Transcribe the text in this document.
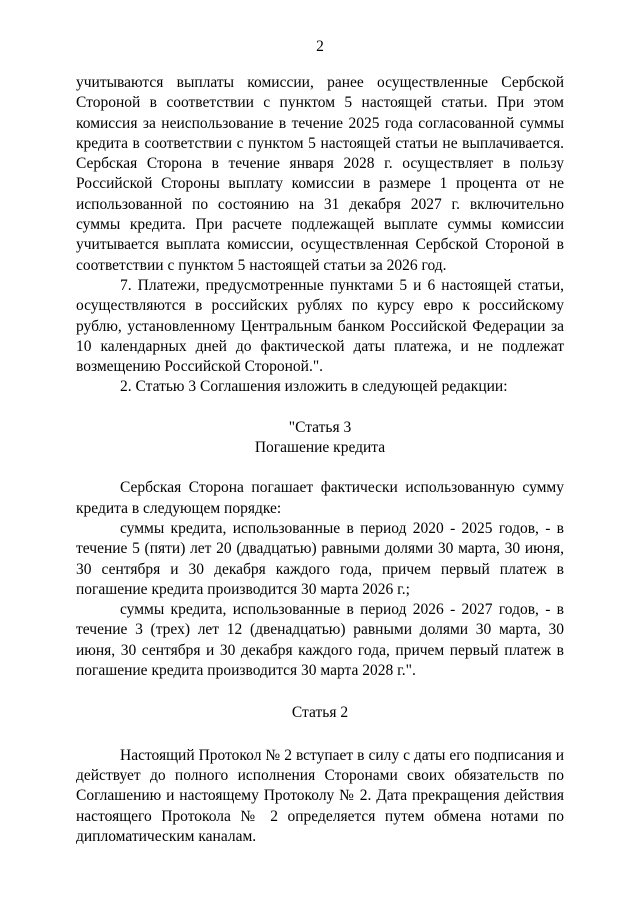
2

учитываются выплаты комиссии, ранее осуществленные Сербской Стороной в соответствии с пунктом 5 настоящей статьи. При этом комиссия за неиспользование в течение 2025 года согласованной суммы кредита в соответствии с пунктом 5 настоящей статьи не выплачивается. Сербская Сторона в течение января 2028 г. осуществляет в пользу Российской Стороны выплату комиссии в размере 1 процента от не использованной по состоянию на 31 декабря 2027 г. включительно суммы кредита. При расчете подлежащей выплате суммы комиссии учитывается выплата комиссии, осуществленная Сербской Стороной в соответствии с пунктом 5 настоящей статьи за 2026 год.

7. Платежи, предусмотренные пунктами 5 и 6 настоящей статьи, осуществляются в российских рублях по курсу евро к российскому рублю, установленному Центральным банком Российской Федерации за 10 календарных дней до фактической даты платежа, и не подлежат возмещению Российской Стороной.".

2. Статью 3 Соглашения изложить в следующей редакции:

"Статья 3

Погашение кредита

Сербская Сторона погашает фактически использованную сумму кредита в следующем порядке:

суммы кредита, использованные в период 2020 - 2025 годов, - в течение 5 (пяти) лет 20 (двадцатью) равными долями 30 марта, 30 июня, 30 сентября и 30 декабря каждого года, причем первый платеж в погашение кредита производится 30 марта 2026 г.;

суммы кредита, использованные в период 2026 - 2027 годов, - в течение 3 (трех) лет 12 (двенадцатью) равными долями 30 марта, 30 июня, 30 сентября и 30 декабря каждого года, причем первый платеж в погашение кредита производится 30 марта 2028 г.".

Статья 2

Настоящий Протокол № 2 вступает в силу с даты его подписания и действует до полного исполнения Сторонами своих обязательств по Соглашению и настоящему Протоколу № 2. Дата прекращения действия настоящего Протокола № 2 определяется путем обмена нотами по дипломатическим каналам.
